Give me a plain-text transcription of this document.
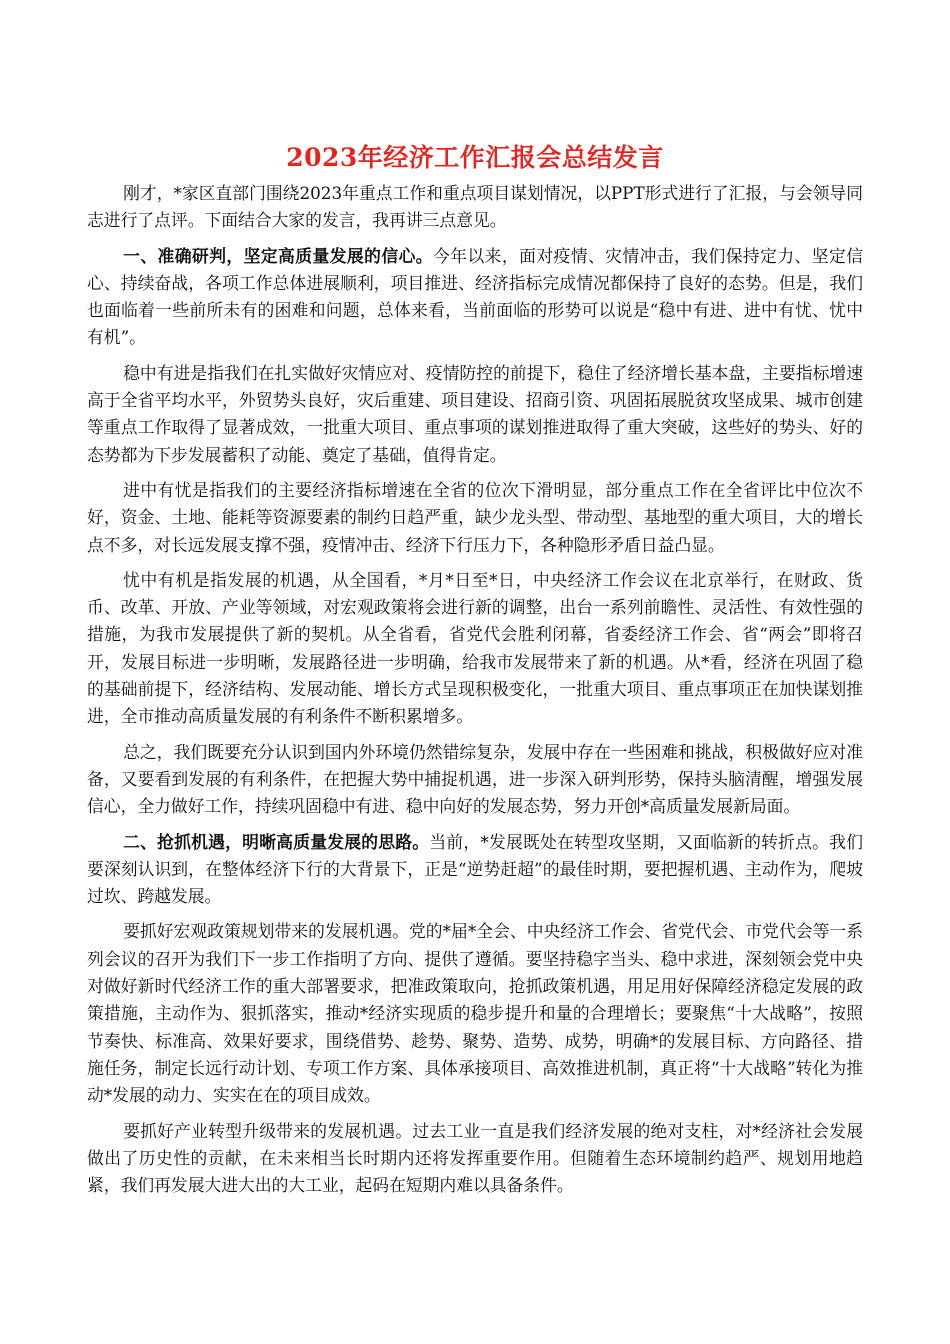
2023年经济工作汇报会总结发言

刚才，*家区直部门围绕2023年重点工作和重点项目谋划情况，以PPT形式进行了汇报，与会领导同志进行了点评。下面结合大家的发言，我再讲三点意见。

一、准确研判，坚定高质量发展的信心。今年以来，面对疫情、灾情冲击，我们保持定力、坚定信心、持续奋战，各项工作总体进展顺利，项目推进、经济指标完成情况都保持了良好的态势。但是，我们也面临着一些前所未有的困难和问题，总体来看，当前面临的形势可以说是“稳中有进、进中有忧、忧中有机”。

稳中有进是指我们在扎实做好灾情应对、疫情防控的前提下，稳住了经济增长基本盘，主要指标增速高于全省平均水平，外贸势头良好，灾后重建、项目建设、招商引资、巩固拓展脱贫攻坚成果、城市创建等重点工作取得了显著成效，一批重大项目、重点事项的谋划推进取得了重大突破，这些好的势头、好的态势都为下步发展蓄积了动能、奠定了基础，值得肯定。

进中有忧是指我们的主要经济指标增速在全省的位次下滑明显，部分重点工作在全省评比中位次不好，资金、土地、能耗等资源要素的制约日趋严重，缺少龙头型、带动型、基地型的重大项目，大的增长点不多，对长远发展支撑不强，疫情冲击、经济下行压力下，各种隐形矛盾日益凸显。

忧中有机是指发展的机遇，从全国看，*月*日至*日，中央经济工作会议在北京举行，在财政、货币、改革、开放、产业等领域，对宏观政策将会进行新的调整，出台一系列前瞻性、灵活性、有效性强的措施，为我市发展提供了新的契机。从全省看，省党代会胜利闭幕，省委经济工作会、省“两会”即将召开，发展目标进一步明晰，发展路径进一步明确，给我市发展带来了新的机遇。从*看，经济在巩固了稳的基础前提下，经济结构、发展动能、增长方式呈现积极变化，一批重大项目、重点事项正在加快谋划推进，全市推动高质量发展的有利条件不断积累增多。

总之，我们既要充分认识到国内外环境仍然错综复杂，发展中存在一些困难和挑战，积极做好应对准备，又要看到发展的有利条件，在把握大势中捕捉机遇，进一步深入研判形势，保持头脑清醒，增强发展信心，全力做好工作，持续巩固稳中有进、稳中向好的发展态势，努力开创*高质量发展新局面。

二、抢抓机遇，明晰高质量发展的思路。当前，*发展既处在转型攻坚期，又面临新的转折点。我们要深刻认识到，在整体经济下行的大背景下，正是“逆势赶超”的最佳时期，要把握机遇、主动作为，爬坡过坎、跨越发展。

要抓好宏观政策规划带来的发展机遇。党的*届*全会、中央经济工作会、省党代会、市党代会等一系列会议的召开为我们下一步工作指明了方向、提供了遵循。要坚持稳字当头、稳中求进，深刻领会党中央对做好新时代经济工作的重大部署要求，把准政策取向，抢抓政策机遇，用足用好保障经济稳定发展的政策措施，主动作为、狠抓落实，推动*经济实现质的稳步提升和量的合理增长；要聚焦“十大战略”，按照节奏快、标准高、效果好要求，围绕借势、趁势、聚势、造势、成势，明确*的发展目标、方向路径、措施任务，制定长远行动计划、专项工作方案、具体承接项目、高效推进机制，真正将“十大战略”转化为推动*发展的动力、实实在在的项目成效。

要抓好产业转型升级带来的发展机遇。过去工业一直是我们经济发展的绝对支柱，对*经济社会发展做出了历史性的贡献，在未来相当长时期内还将发挥重要作用。但随着生态环境制约趋严、规划用地趋紧，我们再发展大进大出的大工业，起码在短期内难以具备条件。
